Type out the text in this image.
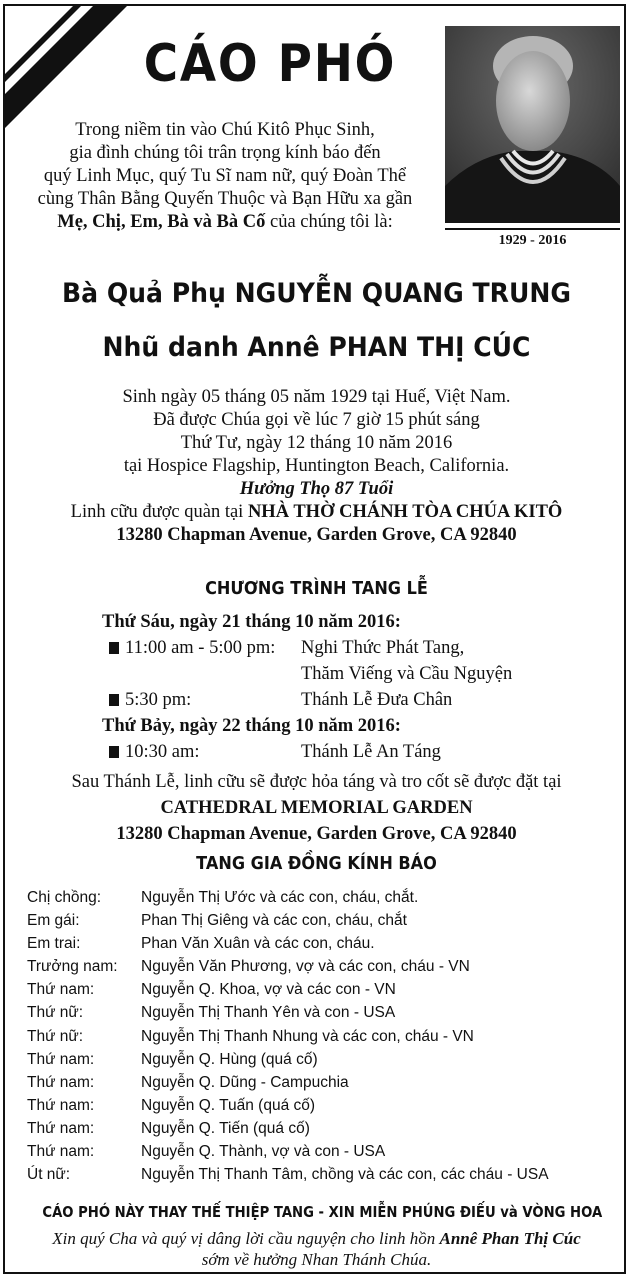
CÁO PHÓ
Trong niềm tin vào Chú Kitô Phục Sinh,
gia đình chúng tôi trân trọng kính báo đến
quý Linh Mục, quý Tu Sĩ nam nữ, quý Đoàn Thể
cùng Thân Bằng Quyến Thuộc và Bạn Hữu xa gần
Mẹ, Chị, Em, Bà và Bà Cố của chúng tôi là:
1929 - 2016
Bà Quả Phụ NGUYỄN QUANG TRUNG
Nhũ danh Annê PHAN THỊ CÚC
Sinh ngày 05 tháng 05 năm 1929 tại Huế, Việt Nam.
Đã được Chúa gọi về lúc 7 giờ 15 phút sáng
Thứ Tư, ngày 12 tháng 10 năm 2016
tại Hospice Flagship, Huntington Beach, California.
Hưởng Thọ 87 Tuổi
Linh cữu được quàn tại NHÀ THỜ CHÁNH TÒA CHÚA KITÔ
13280 Chapman Avenue, Garden Grove, CA 92840
CHƯƠNG TRÌNH TANG LỄ
Thứ Sáu, ngày 21 tháng 10 năm 2016:
11:00 am - 5:00 pm: Nghi Thức Phát Tang,
Thăm Viếng và Cầu Nguyện
5:30 pm:	Thánh Lễ Đưa Chân
Thứ Bảy, ngày 22 tháng 10 năm 2016:
10:30 am:	Thánh Lễ An Táng
Sau Thánh Lễ, linh cữu sẽ được hỏa táng và tro cốt sẽ được đặt tại
CATHEDRAL MEMORIAL GARDEN
13280 Chapman Avenue, Garden Grove, CA 92840
TANG GIA ĐỒNG KÍNH BÁO
Chị chồng:	Nguyễn Thị Ước và các con, cháu, chắt.
Em gái:	Phan Thị Giêng và các con, cháu, chắt
Em trai:	Phan Văn Xuân và các con, cháu.
Trưởng nam: Nguyễn Văn Phương, vợ và các con, cháu - VN
Thứ nam:	Nguyễn Q. Khoa, vợ và các con - VN
Thứ nữ:	Nguyễn Thị Thanh Yên và con - USA
Thứ nữ:	Nguyễn Thị Thanh Nhung và các con, cháu - VN
Thứ nam:	Nguyễn Q. Hùng (quá cố)
Thứ nam:	Nguyễn Q. Dũng - Campuchia
Thứ nam:	Nguyễn Q. Tuấn (quá cố)
Thứ nam:	Nguyễn Q. Tiến (quá cố)
Thứ nam:	Nguyễn Q. Thành, vợ và con - USA
Út nữ:	Nguyễn Thị Thanh Tâm, chồng và các con, các cháu - USA
CÁO PHÓ NÀY THAY THẾ THIỆP TANG - XIN MIỄN PHÚNG ĐIẾU và VÒNG HOA
Xin quý Cha và quý vị dâng lời cầu nguyện cho linh hồn Annê Phan Thị Cúc
sớm về hưởng Nhan Thánh Chúa.
